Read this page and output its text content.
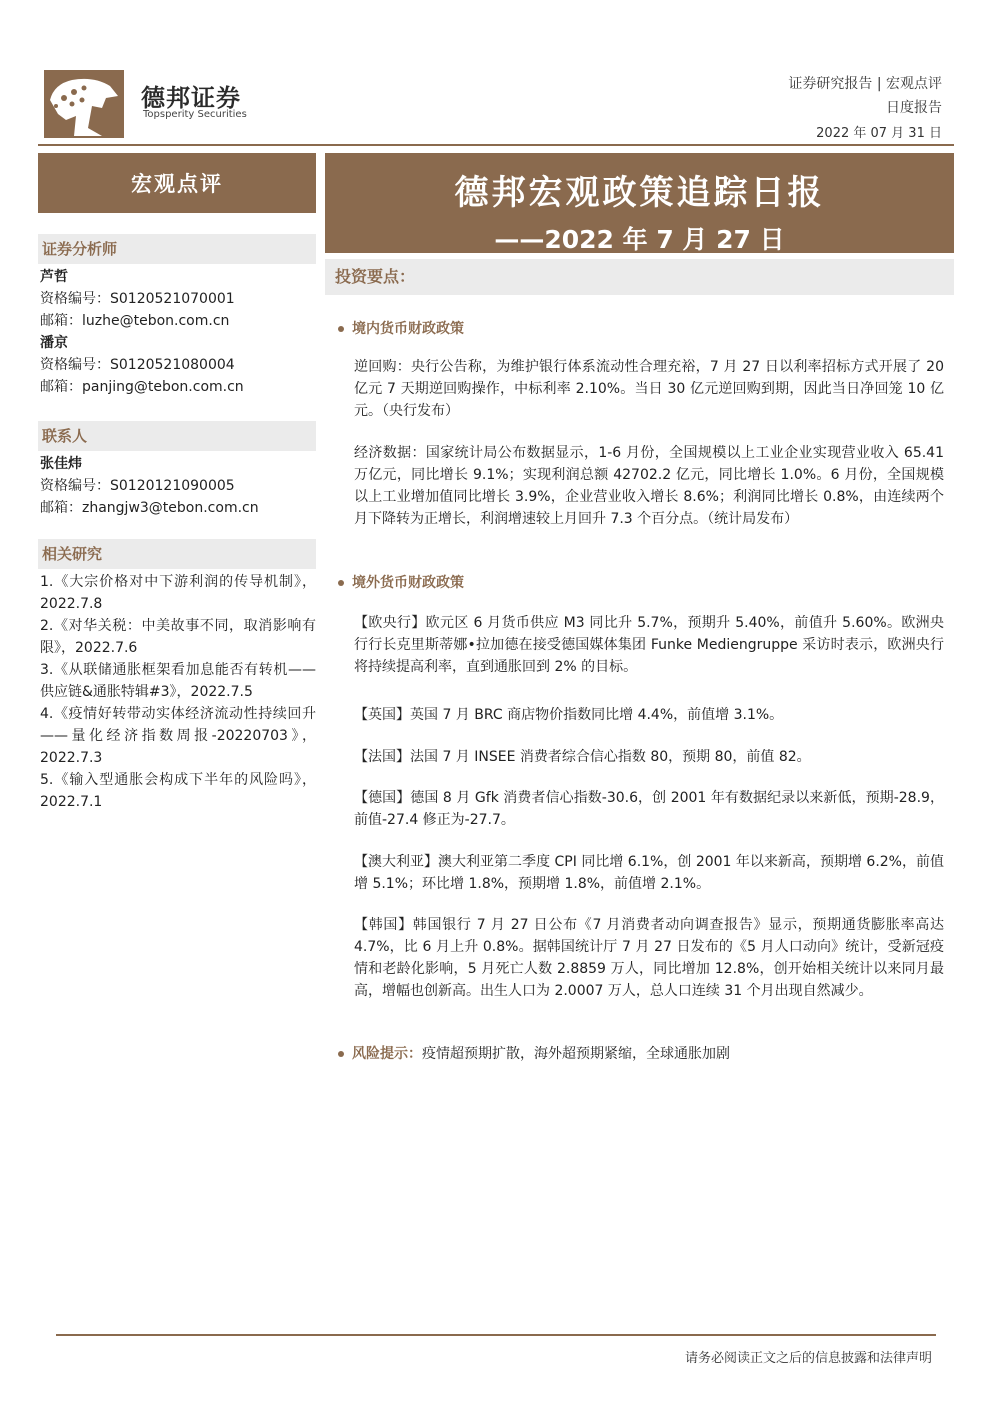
德邦证券
Topsperity Securities
证券研究报告 | 宏观点评
日度报告
2022 年 07 月 31 日
宏观点评
证券分析师
芦哲
资格编号：S0120521070001
邮箱：luzhe@tebon.com.cn
潘京
资格编号：S0120521080004
邮箱：panjing@tebon.com.cn
联系人
张佳炜
资格编号：S0120121090005
邮箱：zhangjw3@tebon.com.cn
相关研究
1.《大宗价格对中下游利润的传导机制》，2022.7.8
2.《对华关税：中美故事不同，取消影响有限》，2022.7.6
3.《从联储通胀框架看加息能否有转机——供应链&通胀特辑#3》，2022.7.5
4.《疫情好转带动实体经济流动性持续回升——量化经济指数周报-20220703》，2022.7.3
5.《输入型通胀会构成下半年的风险吗》，2022.7.1
德邦宏观政策追踪日报
——2022 年 7 月 27 日
投资要点：
境内货币财政政策
逆回购：央行公告称，为维护银行体系流动性合理充裕，7 月 27 日以利率招标方式开展了 20 亿元 7 天期逆回购操作，中标利率 2.10%。当日 30 亿元逆回购到期，因此当日净回笼 10 亿元。（央行发布）
经济数据：国家统计局公布数据显示，1-6 月份，全国规模以上工业企业实现营业收入 65.41 万亿元，同比增长 9.1%；实现利润总额 42702.2 亿元，同比增长 1.0%。6 月份，全国规模以上工业增加值同比增长 3.9%，企业营业收入增长 8.6%；利润同比增长 0.8%，由连续两个月下降转为正增长，利润增速较上月回升 7.3 个百分点。（统计局发布）
境外货币财政政策
【欧央行】欧元区 6 月货币供应 M3 同比升 5.7%，预期升 5.40%，前值升 5.60%。欧洲央行行长克里斯蒂娜•拉加德在接受德国媒体集团 Funke Mediengruppe 采访时表示，欧洲央行将持续提高利率，直到通胀回到 2% 的目标。
【英国】英国 7 月 BRC 商店物价指数同比增 4.4%，前值增 3.1%。
【法国】法国 7 月 INSEE 消费者综合信心指数 80，预期 80，前值 82。
【德国】德国 8 月 Gfk 消费者信心指数-30.6，创 2001 年有数据纪录以来新低，预期-28.9，前值-27.4 修正为-27.7。
【澳大利亚】澳大利亚第二季度 CPI 同比增 6.1%，创 2001 年以来新高，预期增 6.2%，前值增 5.1%；环比增 1.8%，预期增 1.8%，前值增 2.1%。
【韩国】韩国银行 7 月 27 日公布《7 月消费者动向调查报告》显示，预期通货膨胀率高达 4.7%，比 6 月上升 0.8%。据韩国统计厅 7 月 27 日发布的《5 月人口动向》统计，受新冠疫情和老龄化影响，5 月死亡人数 2.8859 万人，同比增加 12.8%，创开始相关统计以来同月最高，增幅也创新高。出生人口为 2.0007 万人，总人口连续 31 个月出现自然减少。
风险提示：疫情超预期扩散，海外超预期紧缩，全球通胀加剧
请务必阅读正文之后的信息披露和法律声明
